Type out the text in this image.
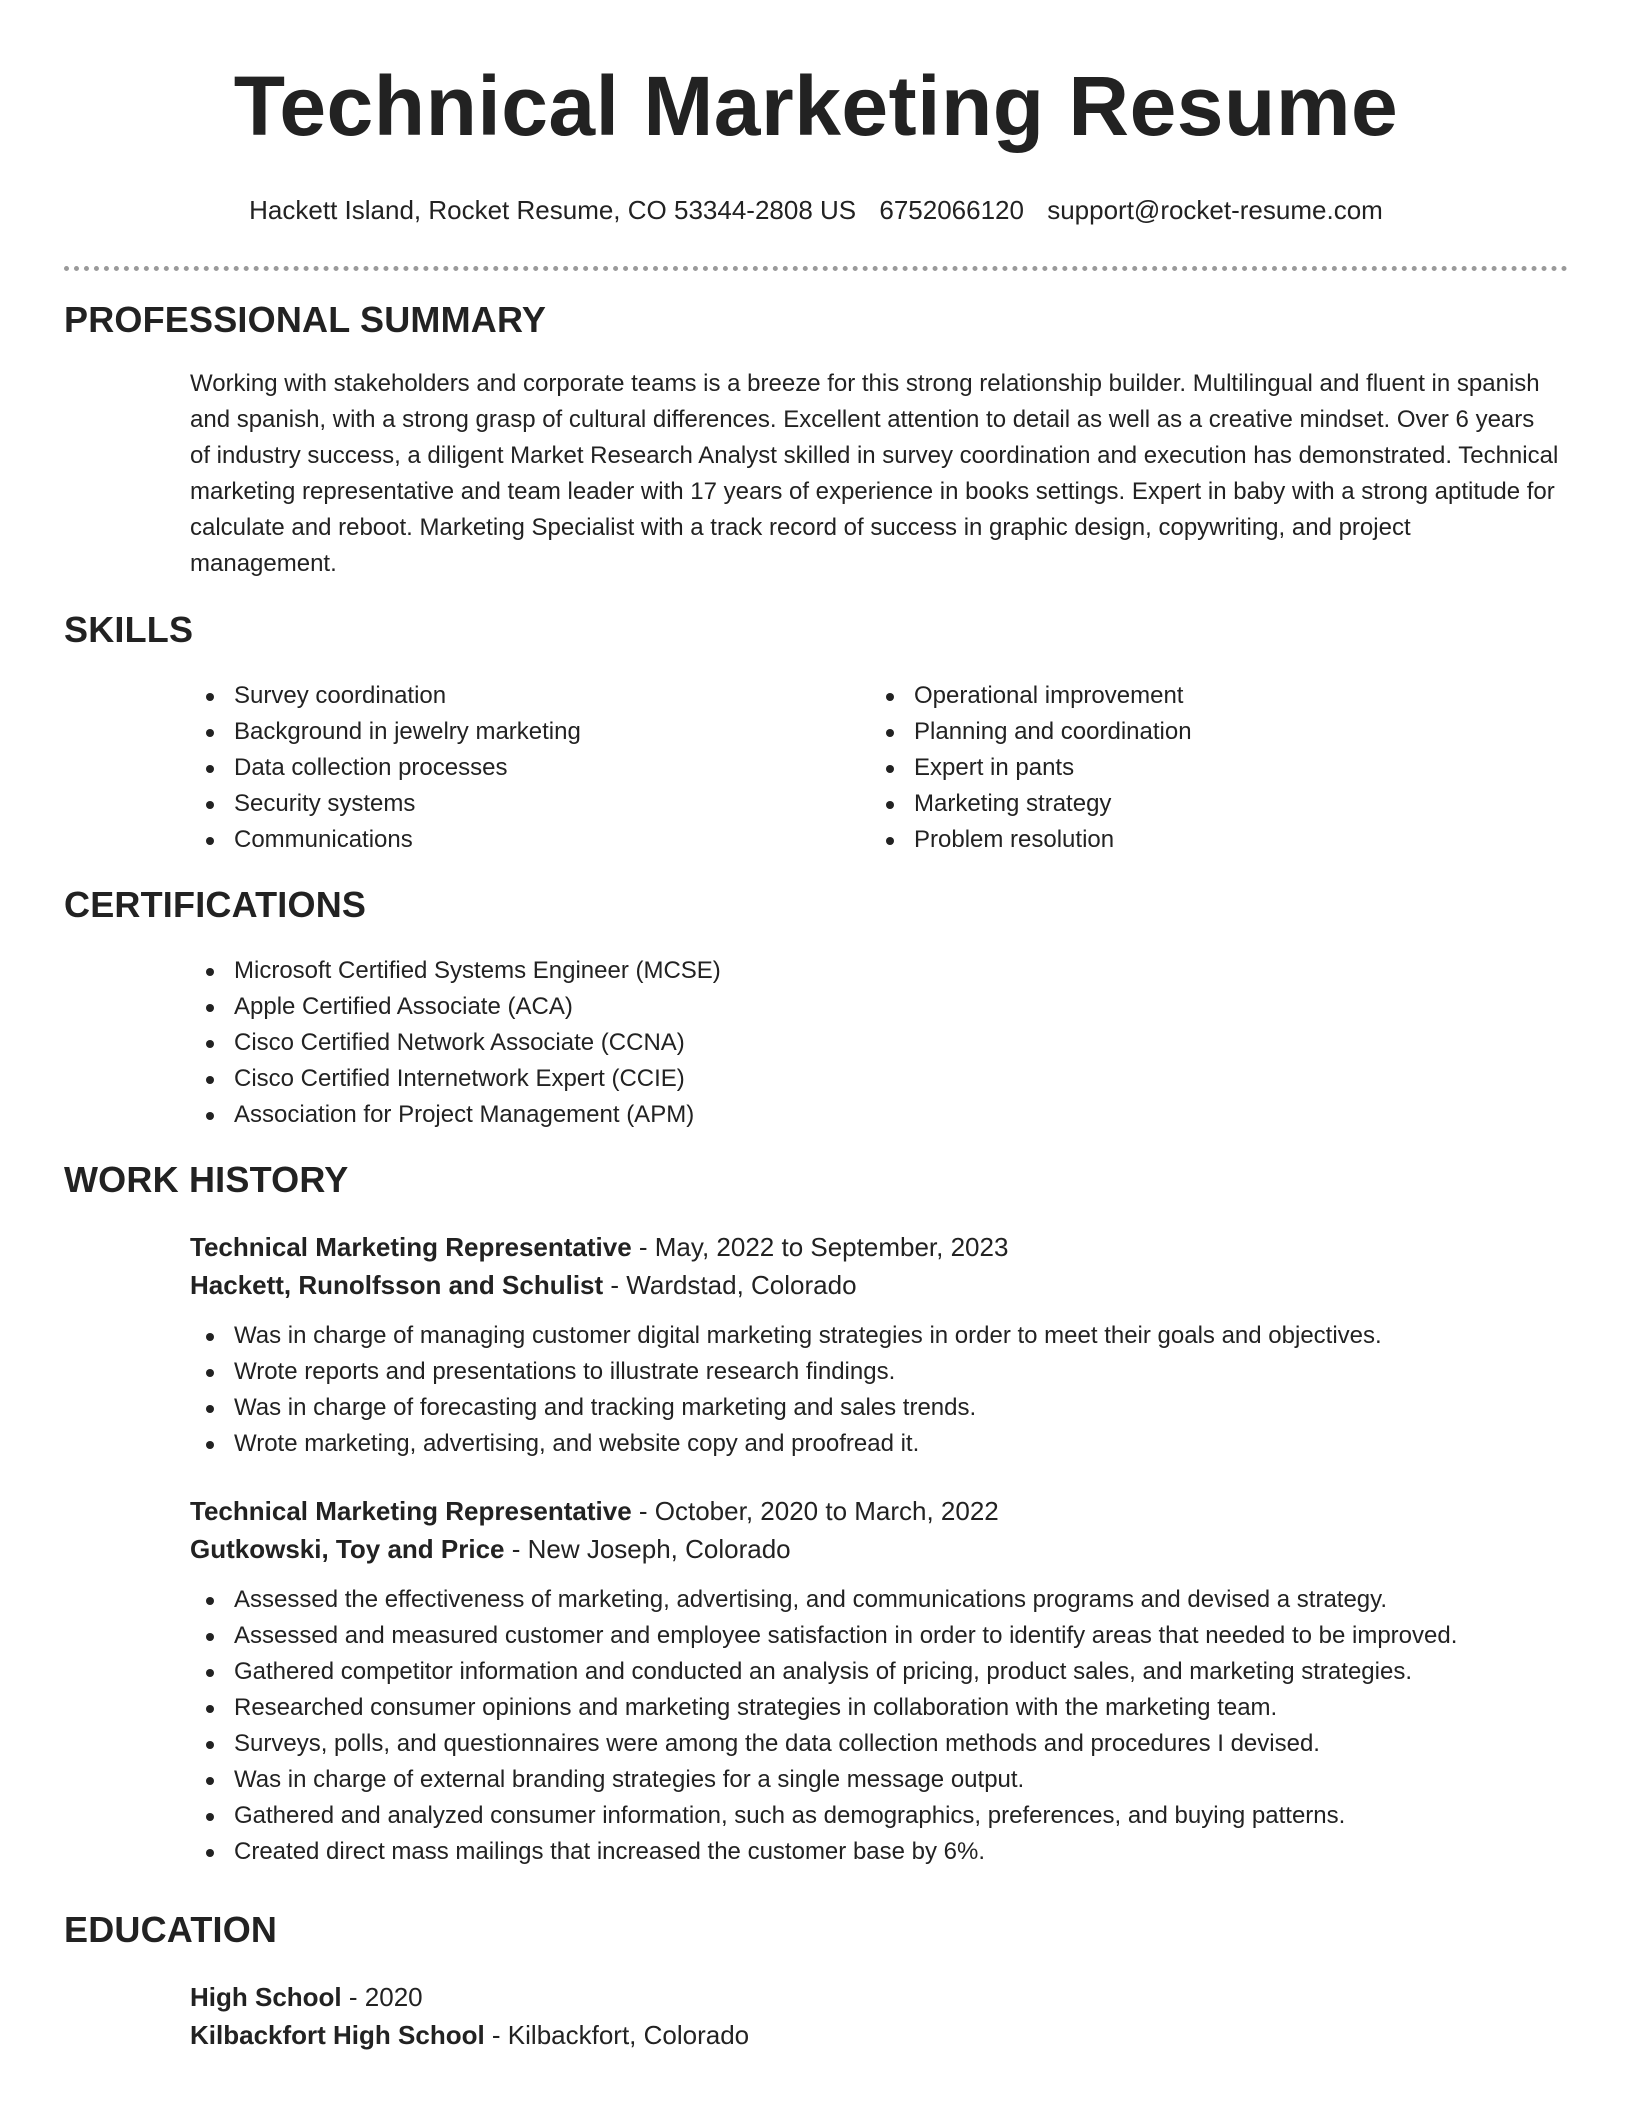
Technical Marketing Resume
Hackett Island, Rocket Resume, CO 53344-2808 US 6752066120 support@rocket-resume.com
PROFESSIONAL SUMMARY

Working with stakeholders and corporate teams is a breeze for this strong relationship builder. Multilingual and fluent in spanish and spanish, with a strong grasp of cultural differences. Excellent attention to detail as well as a creative mindset. Over 6 years of industry success, a diligent Market Research Analyst skilled in survey coordination and execution has demonstrated. Technical marketing representative and team leader with 17 years of experience in books settings. Expert in baby with a strong aptitude for calculate and reboot. Marketing Specialist with a track record of success in graphic design, copywriting, and project management.

SKILLS
Survey coordination
Background in jewelry marketing
Data collection processes
Security systems
Communications
Operational improvement
Planning and coordination
Expert in pants
Marketing strategy
Problem resolution
CERTIFICATIONS
Microsoft Certified Systems Engineer (MCSE)
Apple Certified Associate (ACA)
Cisco Certified Network Associate (CCNA)
Cisco Certified Internetwork Expert (CCIE)
Association for Project Management (APM)
WORK HISTORY
Technical Marketing Representative - May, 2022 to September, 2023
Hackett, Runolfsson and Schulist - Wardstad, Colorado
Was in charge of managing customer digital marketing strategies in order to meet their goals and objectives.
Wrote reports and presentations to illustrate research findings.
Was in charge of forecasting and tracking marketing and sales trends.
Wrote marketing, advertising, and website copy and proofread it.
Technical Marketing Representative - October, 2020 to March, 2022
Gutkowski, Toy and Price - New Joseph, Colorado
Assessed the effectiveness of marketing, advertising, and communications programs and devised a strategy.
Assessed and measured customer and employee satisfaction in order to identify areas that needed to be improved.
Gathered competitor information and conducted an analysis of pricing, product sales, and marketing strategies.
Researched consumer opinions and marketing strategies in collaboration with the marketing team.
Surveys, polls, and questionnaires were among the data collection methods and procedures I devised.
Was in charge of external branding strategies for a single message output.
Gathered and analyzed consumer information, such as demographics, preferences, and buying patterns.
Created direct mass mailings that increased the customer base by 6%.
EDUCATION
High School - 2020
Kilbackfort High School - Kilbackfort, Colorado
